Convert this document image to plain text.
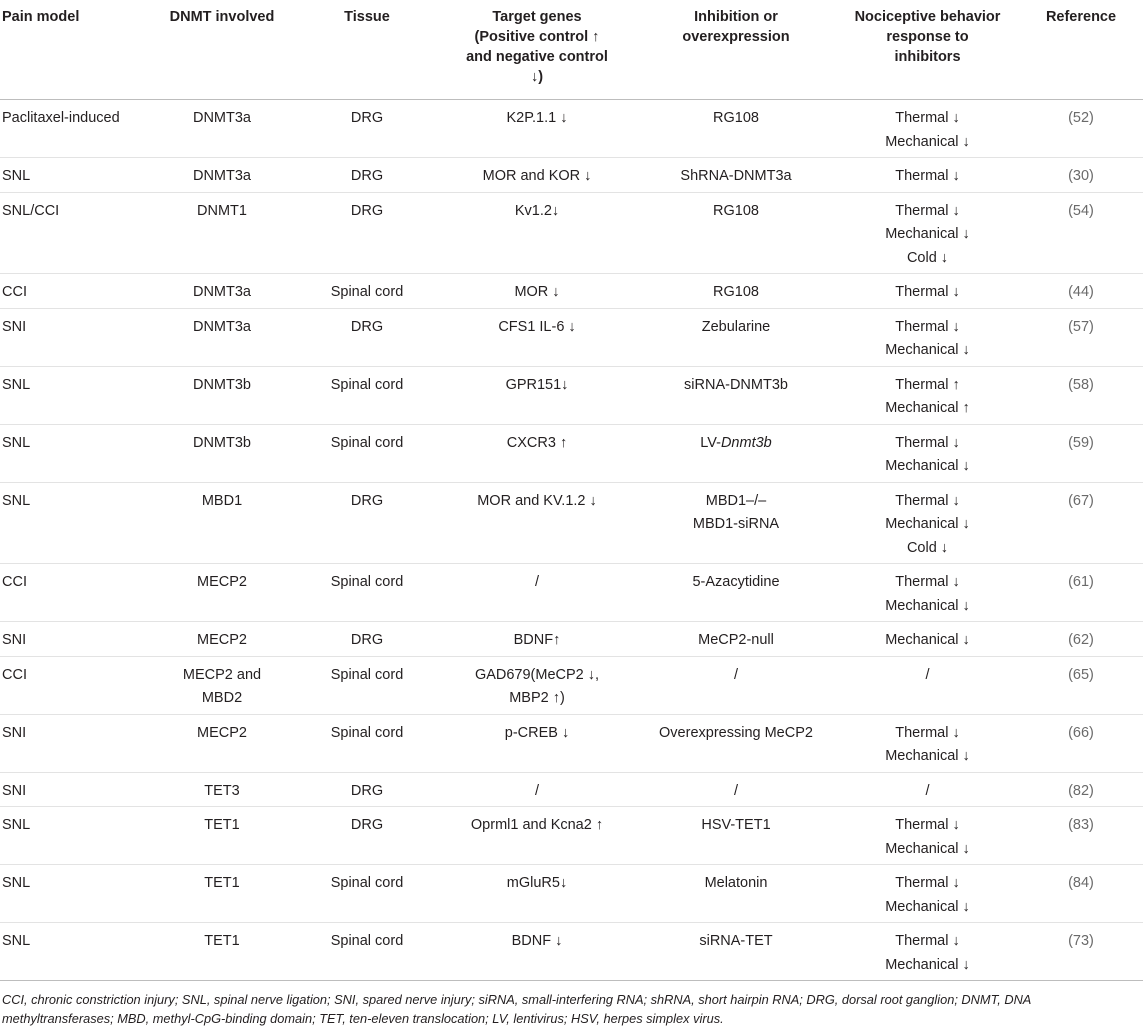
Pain model	DNMT involved	Tissue	Target genes
(Positive control ↑
and negative control
↓)	Inhibition or
overexpression	Nociceptive behavior
response to
inhibitors	Reference

Paclitaxel-induced	DNMT3a	DRG	K2P.1.1 ↓	RG108	Thermal ↓
Mechanical ↓	(52)
SNL	DNMT3a	DRG	MOR and KOR ↓	ShRNA-DNMT3a	Thermal ↓	(30)
SNL/CCI	DNMT1	DRG	Kv1.2↓	RG108	Thermal ↓
Mechanical ↓
Cold ↓	(54)
CCI	DNMT3a	Spinal cord	MOR ↓	RG108	Thermal ↓	(44)
SNI	DNMT3a	DRG	CFS1 IL-6 ↓	Zebularine	Thermal ↓
Mechanical ↓	(57)
SNL	DNMT3b	Spinal cord	GPR151↓	siRNA-DNMT3b	Thermal ↑
Mechanical ↑	(58)
SNL	DNMT3b	Spinal cord	CXCR3 ↑	LV-Dnmt3b	Thermal ↓
Mechanical ↓	(59)
SNL	MBD1	DRG	MOR and KV.1.2 ↓	MBD1–/–
MBD1-siRNA	Thermal ↓
Mechanical ↓
Cold ↓	(67)
CCI	MECP2	Spinal cord	/	5-Azacytidine	Thermal ↓
Mechanical ↓	(61)
SNI	MECP2	DRG	BDNF↑	MeCP2-null	Mechanical ↓	(62)
CCI	MECP2 and
MBD2	Spinal cord	GAD679(MeCP2 ↓,
MBP2 ↑)	/	/	(65)
SNI	MECP2	Spinal cord	p-CREB ↓	Overexpressing MeCP2	Thermal ↓
Mechanical ↓	(66)
SNI	TET3	DRG	/	/	/	(82)
SNL	TET1	DRG	Oprml1 and Kcna2 ↑	HSV-TET1	Thermal ↓
Mechanical ↓	(83)
SNL	TET1	Spinal cord	mGluR5↓	Melatonin	Thermal ↓
Mechanical ↓	(84)
SNL	TET1	Spinal cord	BDNF ↓	siRNA-TET	Thermal ↓
Mechanical ↓	(73)
CCI, chronic constriction injury; SNL, spinal nerve ligation; SNI, spared nerve injury; siRNA, small-interfering RNA; shRNA, short hairpin RNA; DRG, dorsal root ganglion; DNMT, DNA methyltransferases; MBD, methyl-CpG-binding domain; TET, ten-eleven translocation; LV, lentivirus; HSV, herpes simplex virus.
